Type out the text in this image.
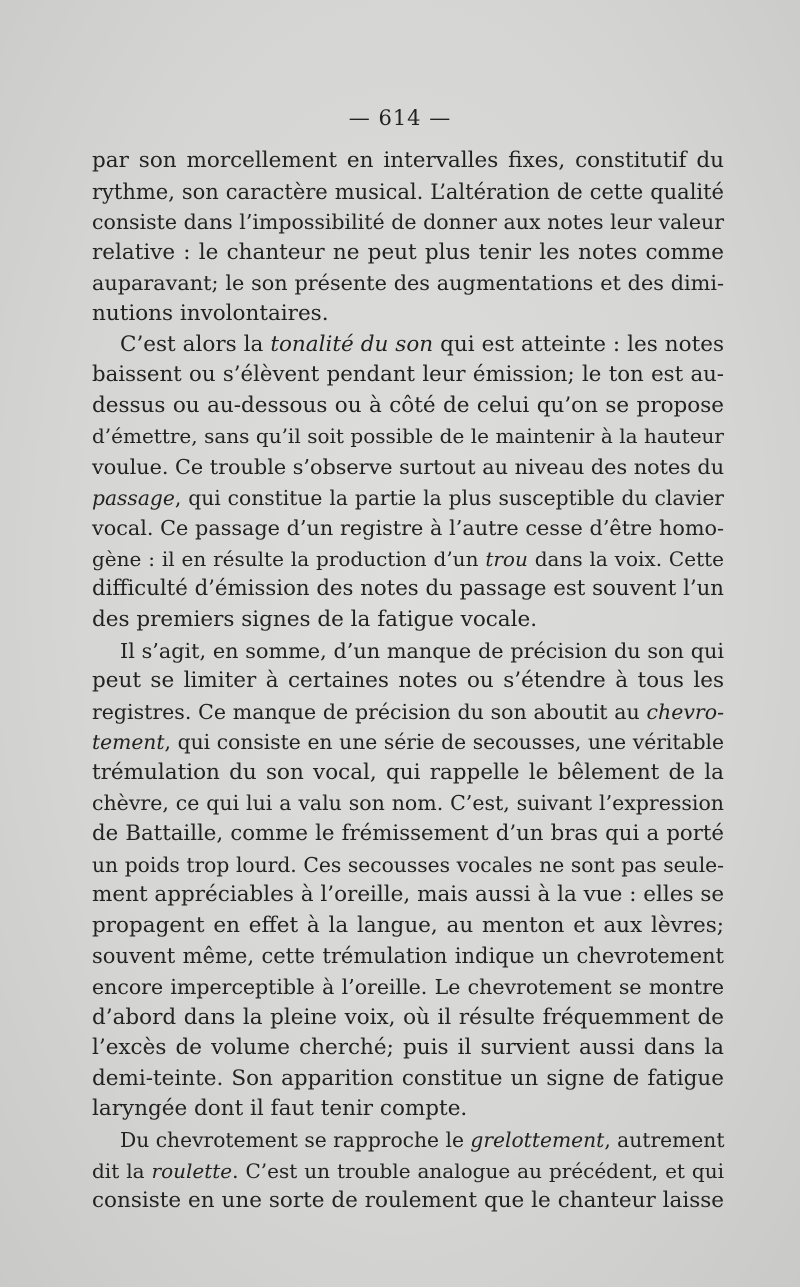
— 614 —
par son morcellement en intervalles fixes, constitutif du
rythme, son caractère musical. L’altération de cette qualité
consiste dans l’impossibilité de donner aux notes leur valeur
relative : le chanteur ne peut plus tenir les notes comme
auparavant; le son présente des augmentations et des dimi-
nutions involontaires.
C’est alors la tonalité du son qui est atteinte : les notes
baissent ou s’élèvent pendant leur émission; le ton est au-
dessus ou au-dessous ou à côté de celui qu’on se propose
d’émettre, sans qu’il soit possible de le maintenir à la hauteur
voulue. Ce trouble s’observe surtout au niveau des notes du
passage, qui constitue la partie la plus susceptible du clavier
vocal. Ce passage d’un registre à l’autre cesse d’être homo-
gène : il en résulte la production d’un trou dans la voix. Cette
difficulté d’émission des notes du passage est souvent l’un
des premiers signes de la fatigue vocale.
Il s’agit, en somme, d’un manque de précision du son qui
peut se limiter à certaines notes ou s’étendre à tous les
registres. Ce manque de précision du son aboutit au chevro-
tement, qui consiste en une série de secousses, une véritable
trémulation du son vocal, qui rappelle le bêlement de la
chèvre, ce qui lui a valu son nom. C’est, suivant l’expression
de Battaille, comme le frémissement d’un bras qui a porté
un poids trop lourd. Ces secousses vocales ne sont pas seule-
ment appréciables à l’oreille, mais aussi à la vue : elles se
propagent en effet à la langue, au menton et aux lèvres;
souvent même, cette trémulation indique un chevrotement
encore imperceptible à l’oreille. Le chevrotement se montre
d’abord dans la pleine voix, où il résulte fréquemment de
l’excès de volume cherché; puis il survient aussi dans la
demi-teinte. Son apparition constitue un signe de fatigue
laryngée dont il faut tenir compte.
Du chevrotement se rapproche le grelottement, autrement
dit la roulette. C’est un trouble analogue au précédent, et qui
consiste en une sorte de roulement que le chanteur laisse
